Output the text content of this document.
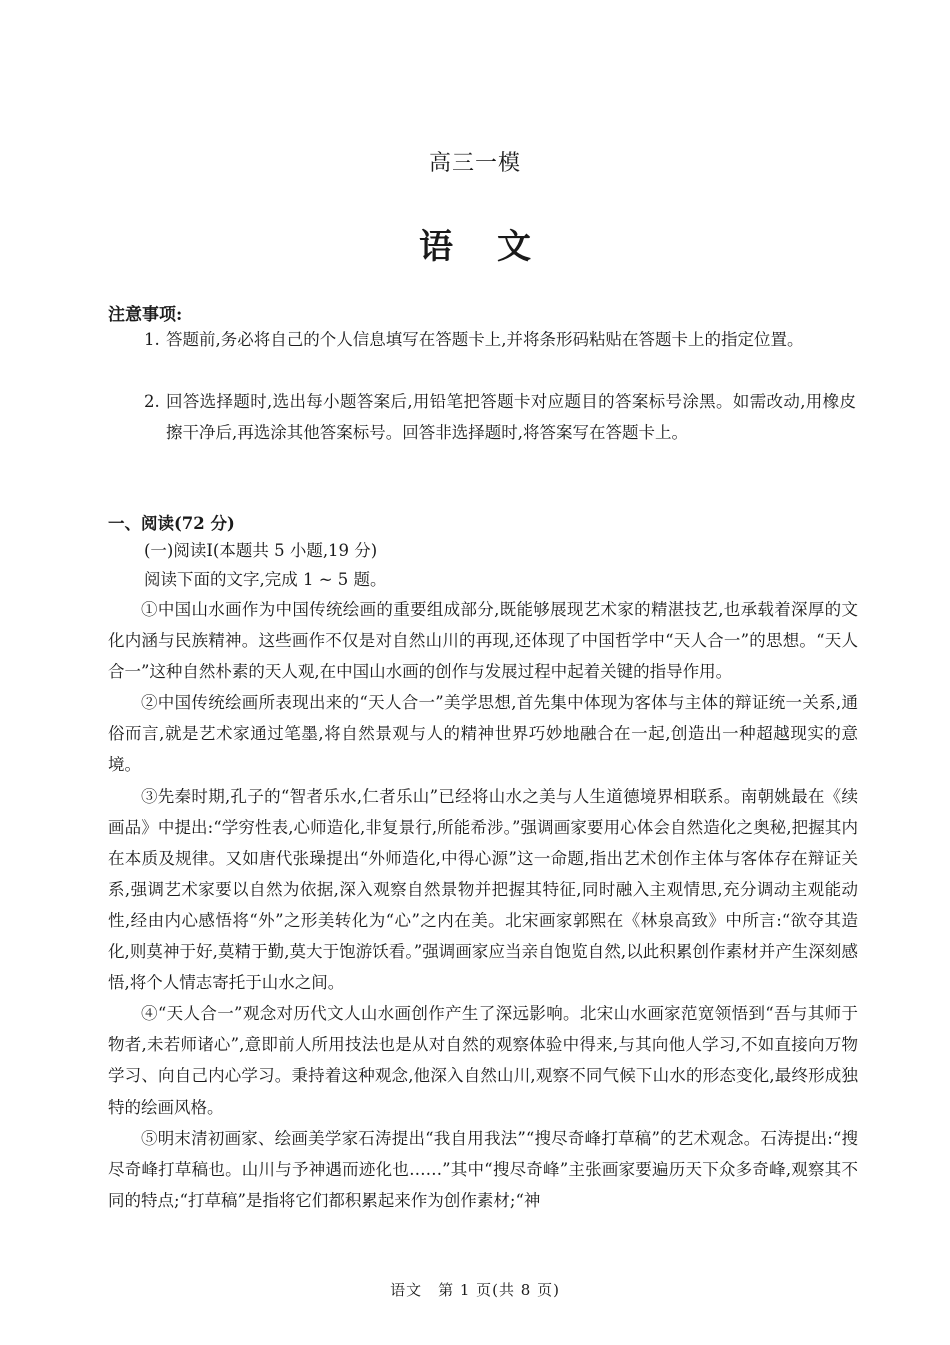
高三一模
语文
注意事项:
1. 答题前,务必将自己的个人信息填写在答题卡上,并将条形码粘贴在答题卡上的指定位置。
2. 回答选择题时,选出每小题答案后,用铅笔把答题卡对应题目的答案标号涂黑。如需改动,用橡皮擦干净后,再选涂其他答案标号。回答非选择题时,将答案写在答题卡上。
一、阅读(72 分)
(一)阅读Ⅰ(本题共 5 小题,19 分)
阅读下面的文字,完成 1 ~ 5 题。

①中国山水画作为中国传统绘画的重要组成部分,既能够展现艺术家的精湛技艺,也承载着深厚的文化内涵与民族精神。这些画作不仅是对自然山川的再现,还体现了中国哲学中“天人合一”的思想。“天人合一”这种自然朴素的天人观,在中国山水画的创作与发展过程中起着关键的指导作用。

②中国传统绘画所表现出来的“天人合一”美学思想,首先集中体现为客体与主体的辩证统一关系,通俗而言,就是艺术家通过笔墨,将自然景观与人的精神世界巧妙地融合在一起,创造出一种超越现实的意境。

③先秦时期,孔子的“智者乐水,仁者乐山”已经将山水之美与人生道德境界相联系。南朝姚最在《续画品》中提出:“学穷性表,心师造化,非复景行,所能希涉。”强调画家要用心体会自然造化之奥秘,把握其内在本质及规律。又如唐代张璪提出“外师造化,中得心源”这一命题,指出艺术创作主体与客体存在辩证关系,强调艺术家要以自然为依据,深入观察自然景物并把握其特征,同时融入主观情思,充分调动主观能动性,经由内心感悟将“外”之形美转化为“心”之内在美。北宋画家郭熙在《林泉高致》中所言:“欲夺其造化,则莫神于好,莫精于勤,莫大于饱游饫看。”强调画家应当亲自饱览自然,以此积累创作素材并产生深刻感悟,将个人情志寄托于山水之间。

④“天人合一”观念对历代文人山水画创作产生了深远影响。北宋山水画家范宽领悟到“吾与其师于物者,未若师诸心”,意即前人所用技法也是从对自然的观察体验中得来,与其向他人学习,不如直接向万物学习、向自己内心学习。秉持着这种观念,他深入自然山川,观察不同气候下山水的形态变化,最终形成独特的绘画风格。

⑤明末清初画家、绘画美学家石涛提出“我自用我法”“搜尽奇峰打草稿”的艺术观念。石涛提出:“搜尽奇峰打草稿也。山川与予神遇而迹化也……”其中“搜尽奇峰”主张画家要遍历天下众多奇峰,观察其不同的特点;“打草稿”是指将它们都积累起来作为创作素材;“神

语文　第 1 页(共 8 页)
